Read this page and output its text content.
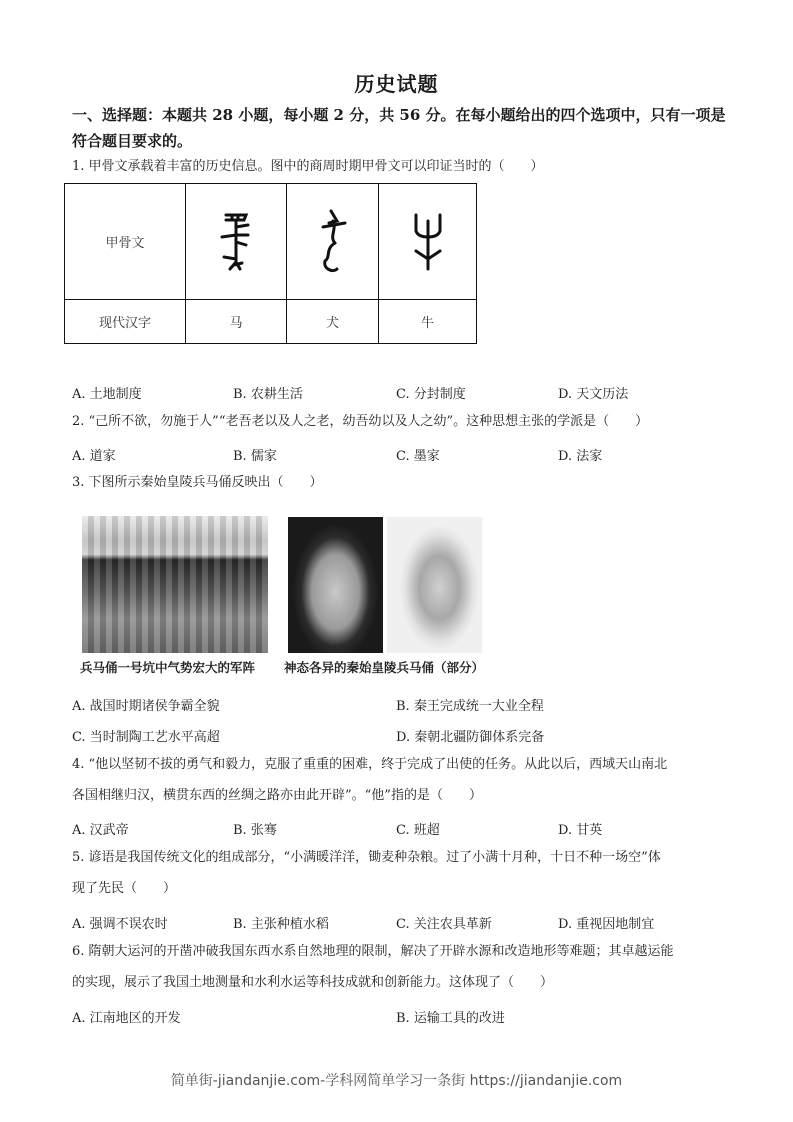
历史试题
一、选择题：本题共 28 小题，每小题 2 分，共 56 分。在每小题给出的四个选项中，只有一项是符合题目要求的。
1. 甲骨文承载着丰富的历史信息。图中的商周时期甲骨文可以印证当时的（　　）
甲骨文	

现代汉字	马	犬	牛
A. 土地制度	B. 农耕生活	C. 分封制度	D. 天文历法
2. “己所不欲，勿施于人”“老吾老以及人之老，幼吾幼以及人之幼”。这种思想主张的学派是（　　）
A. 道家	B. 儒家	C. 墨家	D. 法家
3. 下图所示秦始皇陵兵马俑反映出（　　）
兵马俑一号坑中气势宏大的军阵 神态各异的秦始皇陵兵马俑（部分）
A. 战国时期诸侯争霸全貌	B. 秦王完成统一大业全程
C. 当时制陶工艺水平高超	D. 秦朝北疆防御体系完备
4. “他以坚韧不拔的勇气和毅力，克服了重重的困难，终于完成了出使的任务。从此以后，西域天山南北
各国相继归汉，横贯东西的丝绸之路亦由此开辟”。“他”指的是（　　）
A. 汉武帝	B. 张骞	C. 班超	D. 甘英
5. 谚语是我国传统文化的组成部分，“小满暖洋洋，锄麦种杂粮。过了小满十月种，十日不种一场空”体
现了先民（　　）
A. 强调不误农时	B. 主张种植水稻	C. 关注农具革新	D. 重视因地制宜
6. 隋朝大运河的开凿冲破我国东西水系自然地理的限制，解决了开辟水源和改造地形等难题；其卓越运能
的实现，展示了我国土地测量和水利水运等科技成就和创新能力。这体现了（　　）
A. 江南地区的开发	B. 运输工具的改进
简单街-jiandanjie.com-学科网简单学习一条街 https://jiandanjie.com
